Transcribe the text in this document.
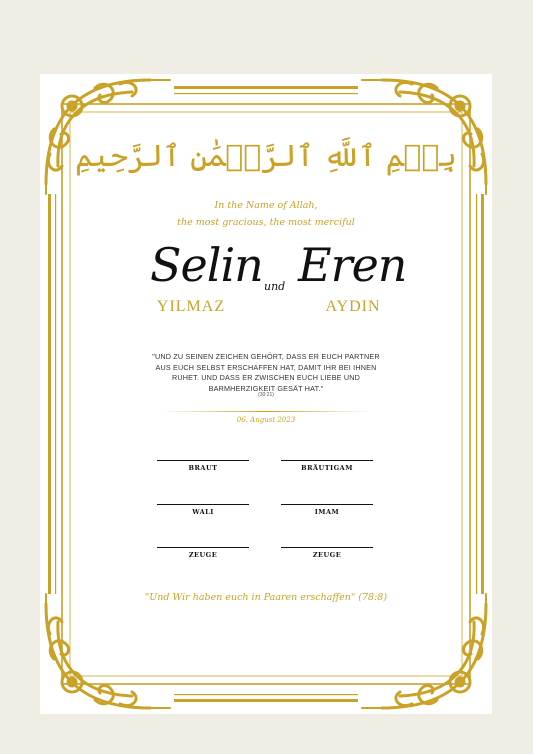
بِسۡمِ ٱللَّهِ ٱلرَّحۡمَٰنِ ٱلرَّحِيمِ
In the Name of Allah,
the most gracious, the most merciful
Selin und Eren
YILMAZ	AYDIN
"UND ZU SEINEN ZEICHEN GEHÖRT, DASS ER EUCH PARTNER AUS EUCH SELBST ERSCHAFFEN HAT, DAMIT IHR BEI IHNEN RUHET. UND DASS ER ZWISCHEN EUCH LIEBE UND BARMHERZIGKEIT GESÄT HAT."
(30:21)
06. August 2023
BRAUT	BRÄUTIGAM
WALI	IMAM
ZEUGE	ZEUGE
"Und Wir haben euch in Paaren erschaffen" (78:8)
